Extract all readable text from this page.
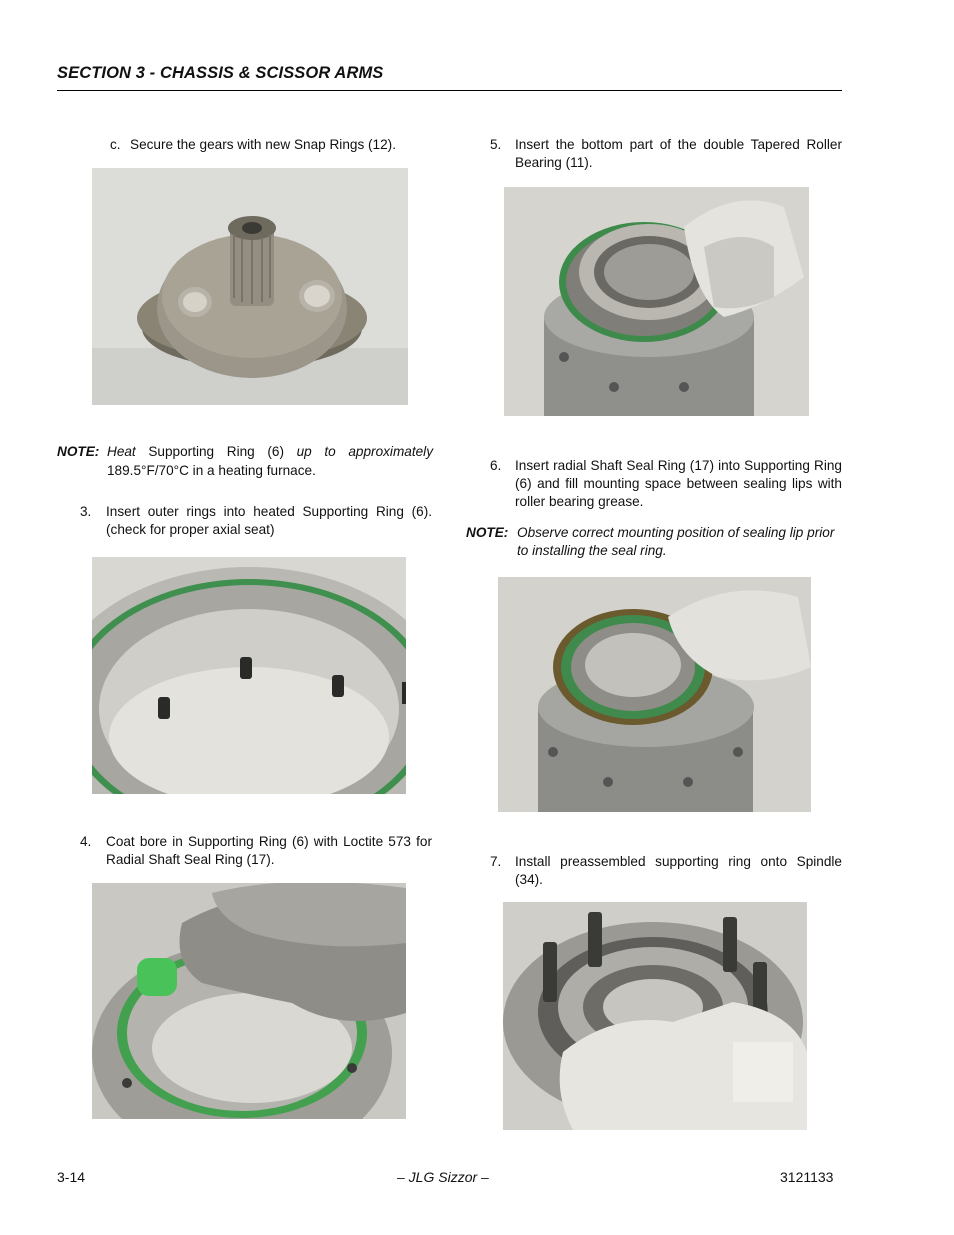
SECTION 3 - CHASSIS & SCISSOR ARMS
c. Secure the gears with new Snap Rings (12).
NOTE: Heat Supporting Ring (6) up to approximately
189.5°F/70°C in a heating furnace.
3. Insert outer rings into heated Supporting Ring (6). (check for proper axial seat)
4. Coat bore in Supporting Ring (6) with Loctite 573 for Radial Shaft Seal Ring (17).
5. Insert the bottom part of the double Tapered Roller Bearing (11).
6. Insert radial Shaft Seal Ring (17) into Supporting Ring (6) and fill mounting space between sealing lips with roller bearing grease.
NOTE: Observe correct mounting position of sealing lip prior to installing the seal ring.
7. Install preassembled supporting ring onto Spindle (34).
3-14	– JLG Sizzor –	3121133
